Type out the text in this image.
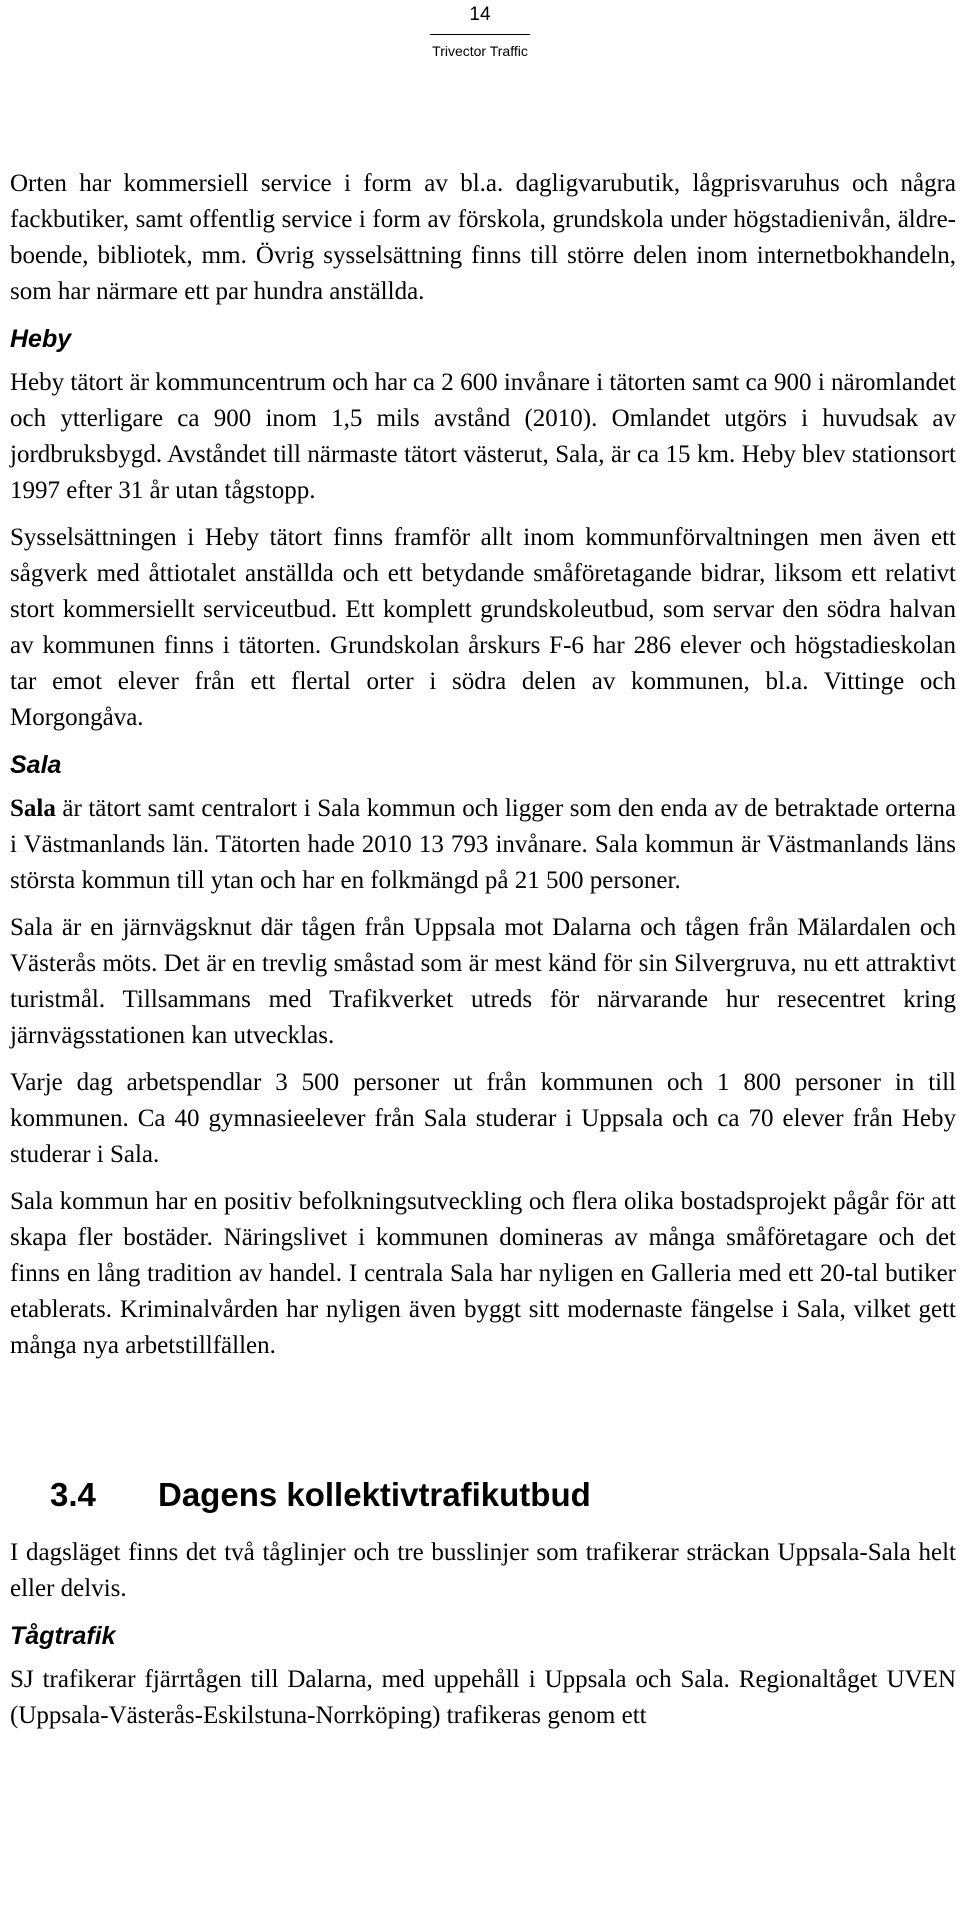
14
Trivector Traffic

Orten har kommersiell service i form av bl.a. dagligvarubutik, lågprisvaruhus och några fackbutiker, samt offentlig service i form av förskola, grundskola under högstadienivån, äldre-boende, bibliotek, mm. Övrig sysselsättning finns till större delen inom internetbokhandeln, som har närmare ett par hundra anställda.

Heby

Heby tätort är kommuncentrum och har ca 2 600 invånare i tätorten samt ca 900 i näromlandet och ytterligare ca 900 inom 1,5 mils avstånd (2010). Omlandet utgörs i huvudsak av jordbruksbygd. Avståndet till närmaste tätort västerut, Sala, är ca 15 km. Heby blev stationsort 1997 efter 31 år utan tågstopp.

Sysselsättningen i Heby tätort finns framför allt inom kommunförvaltningen men även ett sågverk med åttiotalet anställda och ett betydande småföretagande bidrar, liksom ett relativt stort kommersiellt serviceutbud. Ett komplett grundskoleutbud, som servar den södra halvan av kommunen finns i tätorten. Grundskolan årskurs F-6 har 286 elever och högstadieskolan tar emot elever från ett flertal orter i södra delen av kommunen, bl.a. Vittinge och Morgongåva.

Sala

Sala är tätort samt centralort i Sala kommun och ligger som den enda av de betraktade orterna i Västmanlands län. Tätorten hade 2010 13 793 invånare. Sala kommun är Västmanlands läns största kommun till ytan och har en folkmängd på 21 500 personer.

Sala är en järnvägsknut där tågen från Uppsala mot Dalarna och tågen från Mälardalen och Västerås möts. Det är en trevlig småstad som är mest känd för sin Silvergruva, nu ett attraktivt turistmål. Tillsammans med Trafikverket utreds för närvarande hur resecentret kring järnvägsstationen kan utvecklas.

Varje dag arbetspendlar 3 500 personer ut från kommunen och 1 800 personer in till kommunen. Ca 40 gymnasieelever från Sala studerar i Uppsala och ca 70 elever från Heby studerar i Sala.

Sala kommun har en positiv befolkningsutveckling och flera olika bostadsprojekt pågår för att skapa fler bostäder. Näringslivet i kommunen domineras av många småföretagare och det finns en lång tradition av handel. I centrala Sala har nyligen en Galleria med ett 20-tal butiker etablerats. Kriminalvården har nyligen även byggt sitt modernaste fängelse i Sala, vilket gett många nya arbetstillfällen.

3.4	Dagens kollektivtrafikutbud

I dagsläget finns det två tåglinjer och tre busslinjer som trafikerar sträckan Uppsala-Sala helt eller delvis.

Tågtrafik

SJ trafikerar fjärrtågen till Dalarna, med uppehåll i Uppsala och Sala. Regionaltåget UVEN (Uppsala-Västerås-Eskilstuna-Norrköping) trafikeras genom ett
